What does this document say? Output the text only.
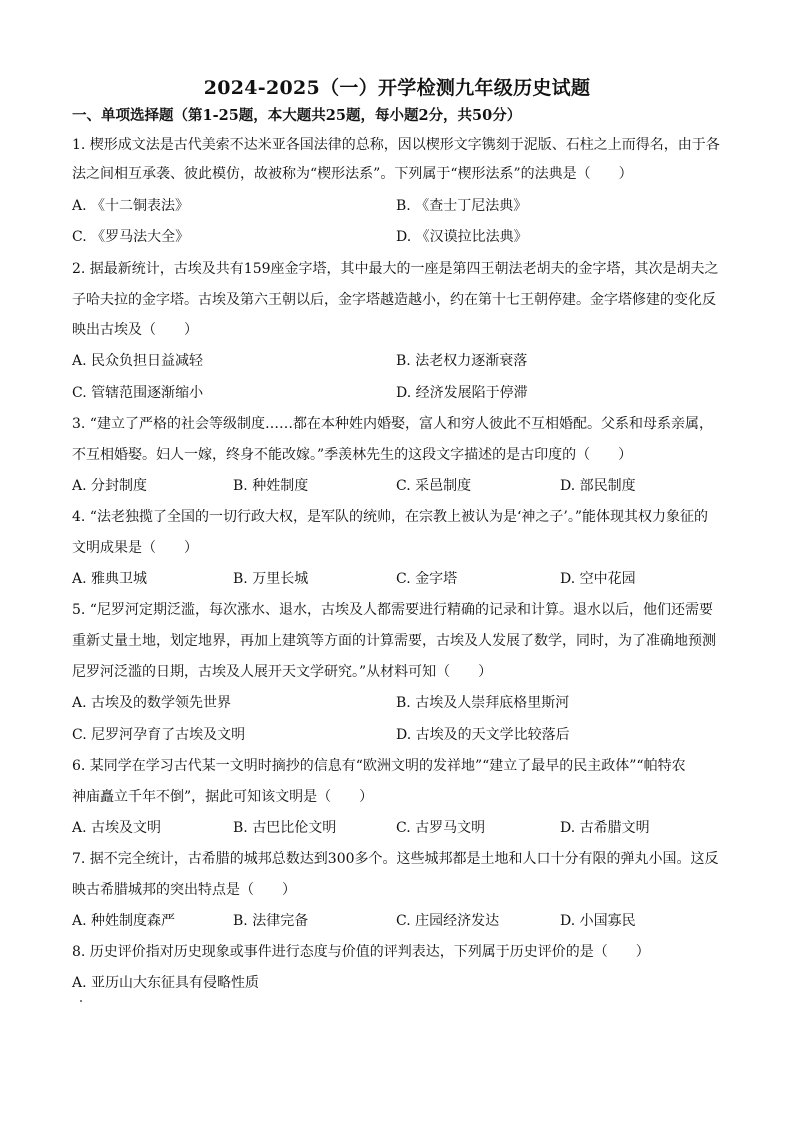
2024-2025（一）开学检测九年级历史试题
一、单项选择题（第1-25题，本大题共25题，每小题2分，共50分）
1. 楔形成文法是古代美索不达米亚各国法律的总称，因以楔形文字镌刻于泥版、石柱之上而得名，由于各
法之间相互承袭、彼此模仿，故被称为“楔形法系”。下列属于“楔形法系”的法典是（　　）
A. 《十二铜表法》	B. 《查士丁尼法典》
C. 《罗马法大全》	D. 《汉谟拉比法典》
2. 据最新统计，古埃及共有159座金字塔，其中最大的一座是第四王朝法老胡夫的金字塔，其次是胡夫之
子哈夫拉的金字塔。古埃及第六王朝以后，金字塔越造越小，约在第十七王朝停建。金字塔修建的变化反
映出古埃及（　　）
A. 民众负担日益减轻	B. 法老权力逐渐衰落
C. 管辖范围逐渐缩小	D. 经济发展陷于停滞
3. “建立了严格的社会等级制度……都在本种姓内婚娶，富人和穷人彼此不互相婚配。父系和母系亲属，
不互相婚娶。妇人一嫁，终身不能改嫁。”季羡林先生的这段文字描述的是古印度的（　　）
A. 分封制度	B. 种姓制度	C. 采邑制度	D. 部民制度
4. “法老独揽了全国的一切行政大权，是军队的统帅，在宗教上被认为是‘神之子’。”能体现其权力象征的
文明成果是（　　）
A. 雅典卫城	B. 万里长城	C. 金字塔	D. 空中花园
5. “尼罗河定期泛滥，每次涨水、退水，古埃及人都需要进行精确的记录和计算。退水以后，他们还需要
重新丈量土地，划定地界，再加上建筑等方面的计算需要，古埃及人发展了数学，同时，为了准确地预测
尼罗河泛滥的日期，古埃及人展开天文学研究。”从材料可知（　　）
A. 古埃及的数学领先世界	B. 古埃及人崇拜底格里斯河
C. 尼罗河孕育了古埃及文明	D. 古埃及的天文学比较落后
6. 某同学在学习古代某一文明时摘抄的信息有“欧洲文明的发祥地”“建立了最早的民主政体”“帕特农
神庙矗立千年不倒”，据此可知该文明是（　　）
A. 古埃及文明	B. 古巴比伦文明	C. 古罗马文明	D. 古希腊文明
7. 据不完全统计，古希腊的城邦总数达到300多个。这些城邦都是土地和人口十分有限的弹丸小国。这反
映古希腊城邦的突出特点是（　　）
A. 种姓制度森严	B. 法律完备	C. 庄园经济发达	D. 小国寡民
8. 历史评价指对历史现象或事件进行态度与价值的评判表达，下列属于历史评价的是（　　）
A. 亚历山大东征具有侵略性质
